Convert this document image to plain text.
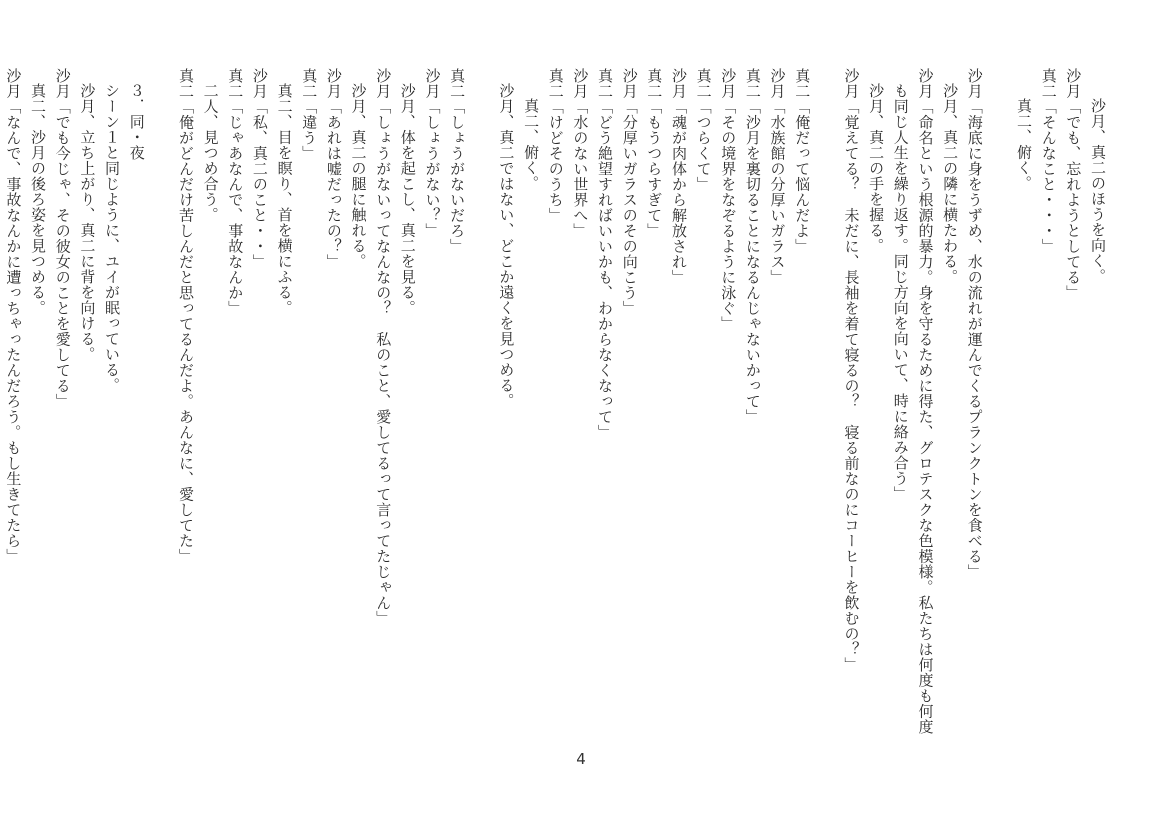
沙月、真二のほうを向く。
沙月「でも、忘れようとしてる」
真二「そんなこと・・・」
真二、俯く。
沙月「海底に身をうずめ、水の流れが運んでくるプランクトンを食べる」
沙月、真二の隣に横たわる。
沙月「命名という根源的暴力。身を守るために得た、グロテスクな色模様。私たちは何度も何度
も同じ人生を繰り返す。同じ方向を向いて、時に絡み合う」
沙月、真二の手を握る。
沙月「覚えてる？　未だに、長袖を着て寝るの？　寝る前なのにコーヒーを飲むの？」
真二「俺だって悩んだよ」
沙月「水族館の分厚いガラス」
真二「沙月を裏切ることになるんじゃないかって」
沙月「その境界をなぞるように泳ぐ」
真二「つらくて」
沙月「魂が肉体から解放され」
真二「もうつらすぎて」
沙月「分厚いガラスのその向こう」
真二「どう絶望すればいいかも、わからなくなって」
沙月「水のない世界へ」
真二「けどそのうち」
真二、俯く。
沙月、真二ではない、どこか遠くを見つめる。
真二「しょうがないだろ」
沙月「しょうがない？」
沙月、体を起こし、真二を見る。
沙月「しょうがないってなんなの？　私のこと、愛してるって言ってたじゃん」
沙月、真二の腿に触れる。
沙月「あれは嘘だったの？」
真二「違う」
真二、目を瞑り、首を横にふる。
沙月「私、真二のこと・・」
真二「じゃあなんで、事故なんか」
二人、見つめ合う。
真二「俺がどんだけ苦しんだと思ってるんだよ。あんなに、愛してた」
３．同・夜
シーン１と同じように、ユイが眠っている。
沙月、立ち上がり、真二に背を向ける。
沙月「でも今じゃ、その彼女のことを愛してる」
真二、沙月の後ろ姿を見つめる。
沙月「なんで、事故なんかに遭っちゃったんだろう。もし生きてたら」
4
